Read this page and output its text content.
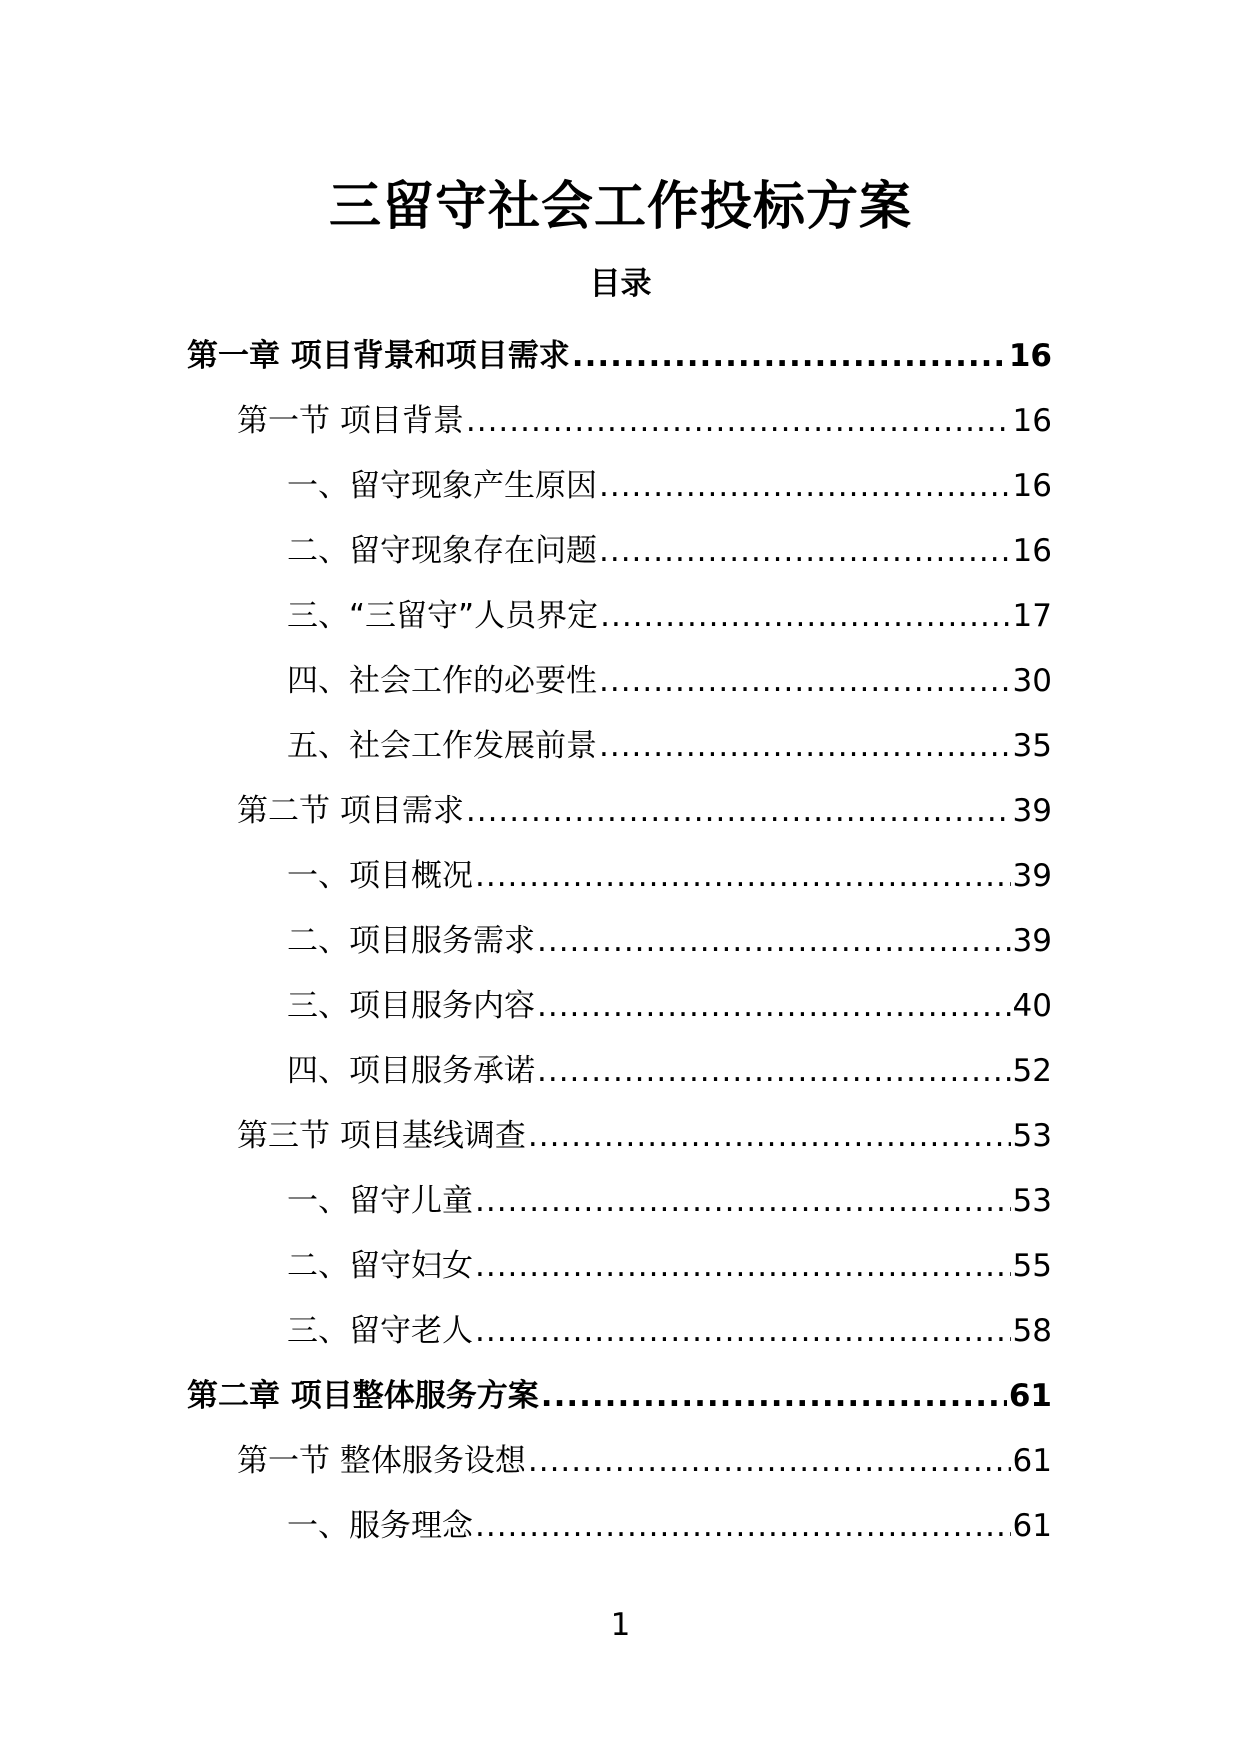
三留守社会工作投标方案
目录
第一章 项目背景和项目需求 .....	16
第一节 项目背景 .....	16
一、留守现象产生原因 .....	16
二、留守现象存在问题 .....	16
三、“三留守”人员界定 .....	17
四、社会工作的必要性 .....	30
五、社会工作发展前景 .....	35
第二节 项目需求 .....	39
一、项目概况 .....	39
二、项目服务需求 .....	39
三、项目服务内容 .....	40
四、项目服务承诺 .....	52
第三节 项目基线调查 .....	53
一、留守儿童 .....	53
二、留守妇女 .....	55
三、留守老人 .....	58
第二章 项目整体服务方案 .....	61
第一节 整体服务设想 .....	61
一、服务理念 .....	61
1
